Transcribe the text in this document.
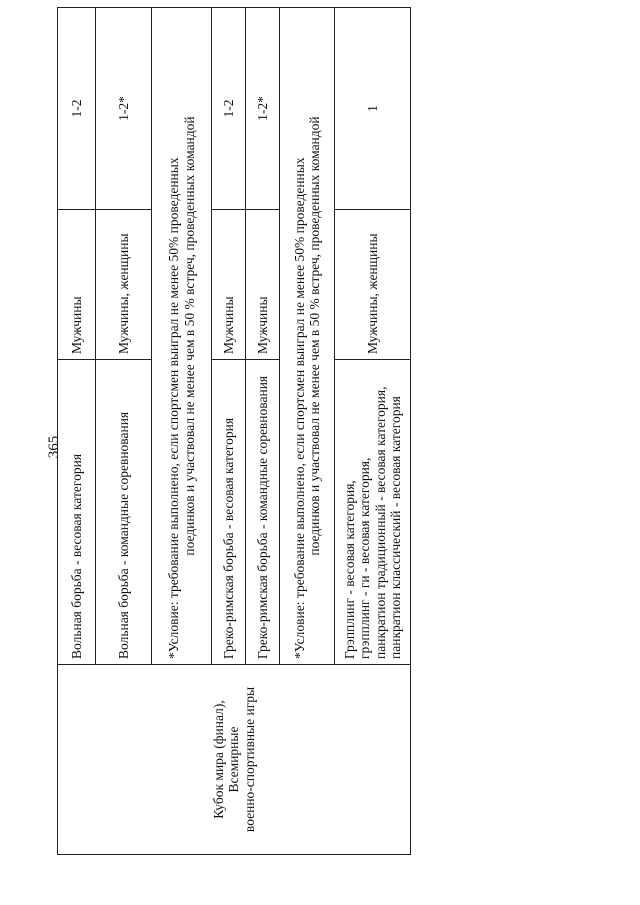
365
Кубок мира (финал), Всемирные военно-спортивные игры	Вольная борьба - весовая категория	Мужчины	1-2
	Вольная борьба - командные соревнования	Мужчины, женщины	1-2*

	*Условие: требование выполнено, если спортсмен выиграл не менее 50% проведенных поединков и участвовал не менее чем в 50 % встреч, проведенных командой		

	Греко-римская борьба - весовая категория	Мужчины	1-2
	Греко-римская борьба - командные соревнования	Мужчины	1-2*

	*Условие: требование выполнено, если спортсмен выиграл не менее 50% проведенных поединков и участвовал не менее чем в 50 % встреч, проведенных командой		

	Грэпплинг - весовая категория, грэпплинг - ги - весовая категория, панкратион традиционный - весовая категория, панкратион классический - весовая категория	Мужчины, женщины	1
